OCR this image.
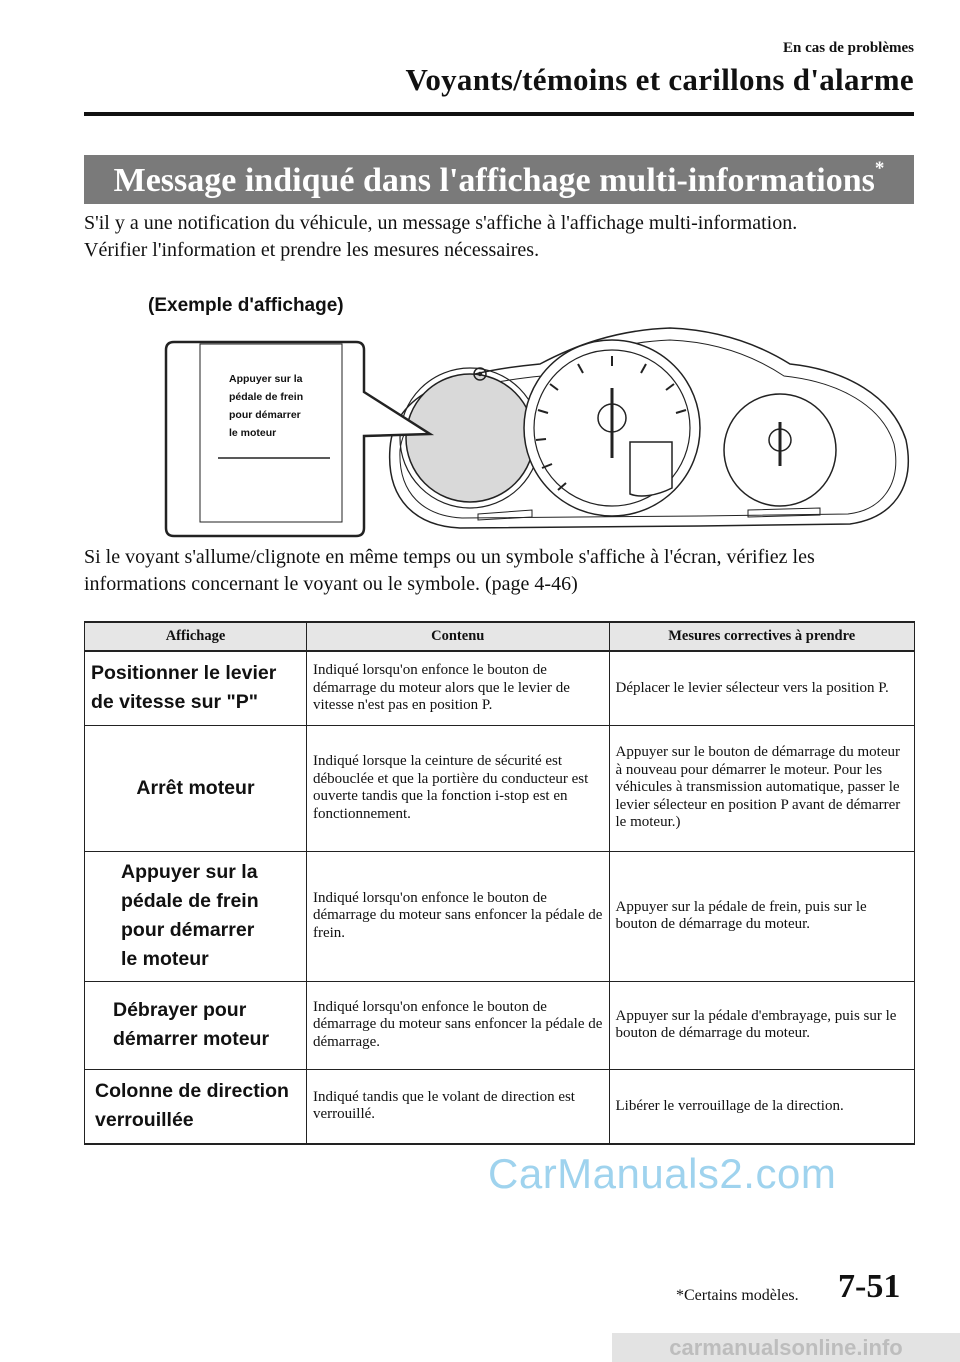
En cas de problèmes
Voyants/témoins et carillons d'alarme
Message indiqué dans l'affichage multi-informations*
S'il y a une notification du véhicule, un message s'affiche à l'affichage multi-information.
Vérifier l'information et prendre les mesures nécessaires.
(Exemple d'affichage)
Appuyer sur la
pédale de frein
pour démarrer
le moteur
Si le voyant s'allume/clignote en même temps ou un symbole s'affiche à l'écran, vérifiez les
informations concernant le voyant ou le symbole. (page 4-46)
Affichage	Contenu	Mesures correctives à prendre

Positionner le levier
de vitesse sur "P"	Indiqué lorsqu'on enfonce le bouton de démarrage du moteur alors que le levier de vitesse n'est pas en position P.	Déplacer le levier sélecteur vers la position P.

Arrêt moteur	Indiqué lorsque la ceinture de sécurité est débouclée et que la portière du conducteur est ouverte tandis que la fonction i-stop est en fonctionnement.	Appuyer sur le bouton de démarrage du moteur à nouveau pour démarrer le moteur. Pour les véhicules à transmission automatique, passer le levier sélecteur en position P avant de démarrer le moteur.)

Appuyer sur la
pédale de frein
pour démarrer
le moteur	Indiqué lorsqu'on enfonce le bouton de démarrage du moteur sans enfoncer la pédale de frein.	Appuyer sur la pédale de frein, puis sur le bouton de démarrage du moteur.

Débrayer pour
démarrer moteur	Indiqué lorsqu'on enfonce le bouton de démarrage du moteur sans enfoncer la pédale de démarrage.	Appuyer sur la pédale d'embrayage, puis sur le bouton de démarrage du moteur.

Colonne de direction
verrouillée	Indiqué tandis que le volant de direction est verrouillé.	Libérer le verrouillage de la direction.
CarManuals2.com
*Certains modèles. 7-51
carmanualsonline.info
